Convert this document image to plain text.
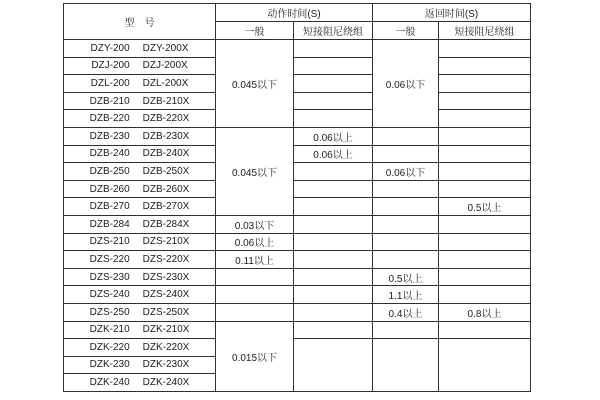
型　号	动作时间(S)		返回时间(S)	
	一般	短接阻尼绕组	一般	短接阻尼绕组

DZY-200 DZY-200X	0.045以下		0.06以下	

DZJ-200 DZJ-200X				

DZL-200 DZL-200X				

DZB-210 DZB-210X				

DZB-220 DZB-220X				

DZB-230 DZB-230X	0.045以下	0.06以上		

DZB-240 DZB-240X		0.06以上		

DZB-250 DZB-250X			0.06以下	

DZB-260 DZB-260X				

DZB-270 DZB-270X				0.5以上

DZB-284 DZB-284X	0.03以下			

DZS-210 DZS-210X	0.06以上			

DZS-220 DZS-220X	0.11以上			

DZS-230 DZS-230X			0.5以上	

DZS-240 DZS-240X			1.1以上	

DZS-250 DZS-250X			0.4以上	0.8以上

DZK-210 DZK-210X	0.015以下			

DZK-220 DZK-220X				

DZK-230 DZK-230X				

DZK-240 DZK-240X				
